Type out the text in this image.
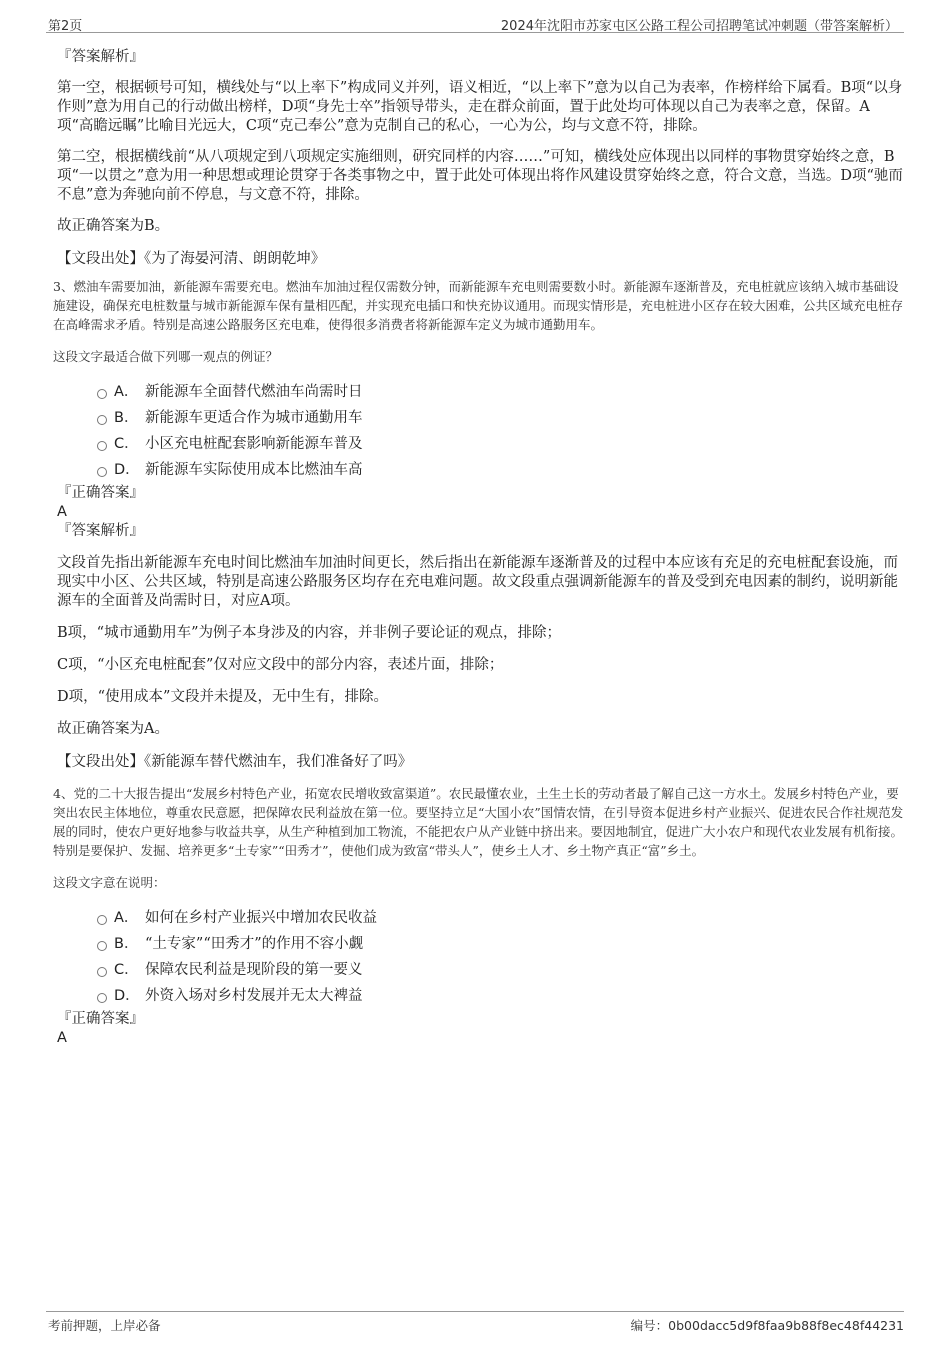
第2页	2024年沈阳市苏家屯区公路工程公司招聘笔试冲刺题（带答案解析）

『答案解析』

第一空，根据顿号可知，横线处与“以上率下”构成同义并列，语义相近，“以上率下”意为以自己为表率，作榜样给下属看。B项“以身作则”意为用自己的行动做出榜样，D项“身先士卒”指领导带头，走在群众前面，置于此处均可体现以自己为表率之意，保留。A项“高瞻远瞩”比喻目光远大，C项“克己奉公”意为克制自己的私心，一心为公，均与文意不符，排除。

第二空，根据横线前“从八项规定到八项规定实施细则，研究同样的内容……”可知，横线处应体现出以同样的事物贯穿始终之意，B项“一以贯之”意为用一种思想或理论贯穿于各类事物之中，置于此处可体现出将作风建设贯穿始终之意，符合文意，当选。D项“驰而不息”意为奔驰向前不停息，与文意不符，排除。

故正确答案为B。

【文段出处】《为了海晏河清、朗朗乾坤》

3、燃油车需要加油，新能源车需要充电。燃油车加油过程仅需数分钟，而新能源车充电则需要数小时。新能源车逐渐普及，充电桩就应该纳入城市基础设施建设，确保充电桩数量与城市新能源车保有量相匹配，并实现充电插口和快充协议通用。而现实情形是，充电桩进小区存在较大困难，公共区域充电桩存在高峰需求矛盾。特别是高速公路服务区充电难，使得很多消费者将新能源车定义为城市通勤用车。

这段文字最适合做下列哪一观点的例证？

A． 新能源车全面替代燃油车尚需时日
B． 新能源车更适合作为城市通勤用车
C． 小区充电桩配套影响新能源车普及
D． 新能源车实际使用成本比燃油车高

『正确答案』

A

『答案解析』

文段首先指出新能源车充电时间比燃油车加油时间更长，然后指出在新能源车逐渐普及的过程中本应该有充足的充电桩配套设施，而现实中小区、公共区域，特别是高速公路服务区均存在充电难问题。故文段重点强调新能源车的普及受到充电因素的制约，说明新能源车的全面普及尚需时日，对应A项。

B项，“城市通勤用车”为例子本身涉及的内容，并非例子要论证的观点，排除；

C项，“小区充电桩配套”仅对应文段中的部分内容，表述片面，排除；

D项，“使用成本”文段并未提及，无中生有，排除。

故正确答案为A。

【文段出处】《新能源车替代燃油车，我们准备好了吗》

4、党的二十大报告提出“发展乡村特色产业，拓宽农民增收致富渠道”。农民最懂农业，土生土长的劳动者最了解自己这一方水土。发展乡村特色产业，要突出农民主体地位，尊重农民意愿，把保障农民利益放在第一位。要坚持立足“大国小农”国情农情，在引导资本促进乡村产业振兴、促进农民合作社规范发展的同时，使农户更好地参与收益共享，从生产种植到加工物流，不能把农户从产业链中挤出来。要因地制宜，促进广大小农户和现代农业发展有机衔接。特别是要保护、发掘、培养更多“土专家”“田秀才”，使他们成为致富“带头人”，使乡土人才、乡土物产真正“富”乡土。

这段文字意在说明：

A． 如何在乡村产业振兴中增加农民收益
B． “土专家”“田秀才”的作用不容小觑
C． 保障农民利益是现阶段的第一要义
D． 外资入场对乡村发展并无太大裨益

『正确答案』

A

考前押题，上岸必备	编号：0b00dacc5d9f8faa9b88f8ec48f44231
